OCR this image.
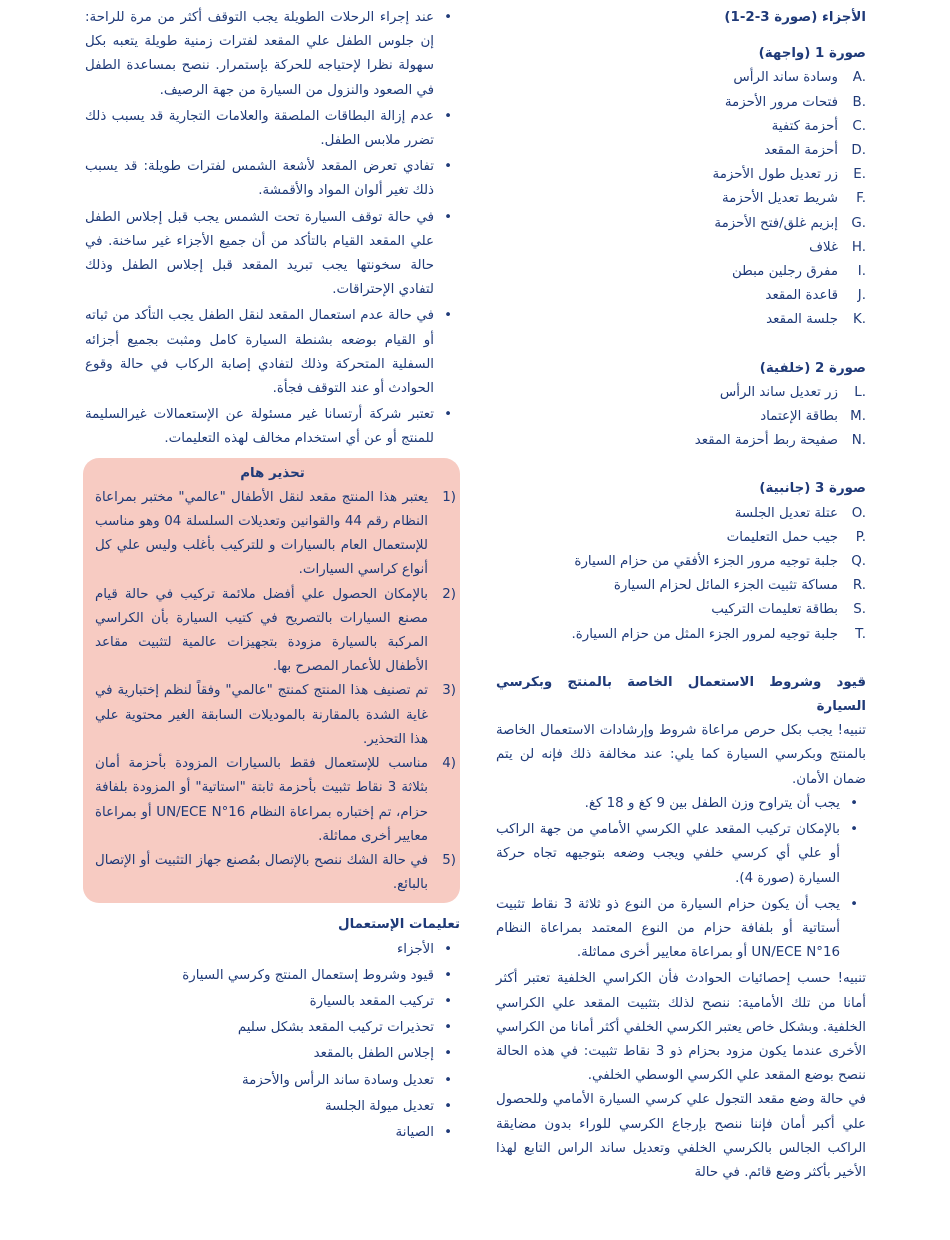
الأجزاء (صورة 3-2-1)

صورة 1 (واجهة)

A .
وسادة ساند الرأس
B .
فتحات مرور الأحزمة
C .
أحزمة كتفية
D .
أحزمة المقعد
E .
زر تعديل طول الأحزمة
F .
شريط تعديل الأحزمة
G .
إبزيم غلق/فتح الأحزمة
H .
غلاف
I .
مفرق رجلين مبطن
J .
قاعدة المقعد
K .
جلسة المقعد

صورة 2 (خلفية)

L .
زر تعديل ساند الرأس
M .
بطاقة الإعتماد
N .
صفيحة ربط أحزمة المقعد

صورة 3 (جانبية)

O .
عتلة تعديل الجلسة
P .
جيب حمل التعليمات
Q .
جلبة توجيه مرور الجزء الأفقي من حزام السيارة
R .
مساكة تثبيت الجزء المائل لحزام السيارة
S .
بطاقة تعليمات التركيب
T .
جلبة توجيه لمرور الجزء المثل من حزام السيارة.

قيود وشروط الاستعمال الخاصة بالمنتج وبكرسي السيارة

تنبيه! يجب بكل حرص مراعاة شروط وإرشادات الاستعمال الخاصة بالمنتج وبكرسي السيارة كما يلي: عند مخالفة ذلك فإنه لن يتم ضمان الأمان.

• يجب أن يتراوح وزن الطفل بين 9 كغ و 18 كغ.
• بالإمكان تركيب المقعد علي الكرسي الأمامي من جهة الراكب أو علي أي كرسي خلفي ويجب وضعه بتوجيهه تجاه حركة السيارة (صورة 4).
• يجب أن يكون حزام السيارة من النوع ذو ثلاثة 3 نقاط تثبيت أستاتية أو بلفافة حزام من النوع المعتمد بمراعاة النظام UN/ECE N°16 أو بمراعاة معايير أخرى مماثلة.

تنبيه! حسب إحصائيات الحوادث فأن الكراسي الخلفية تعتبر أكثر أمانا من تلك الأمامية: ننصح لذلك بتثبيت المقعد علي الكراسي الخلفية. وبشكل خاص يعتبر الكرسي الخلفي أكثر أمانا من الكراسي الأخرى عندما يكون مزود بحزام ذو 3 نقاط تثبيت: في هذه الحالة ننصح بوضع المقعد علي الكرسي الوسطي الخلفي.

في حالة وضع مقعد التجول علي كرسي السيارة الأمامي وللحصول علي أكبر أمان فإننا ننصح بإرجاع الكرسي للوراء بدون مضايقة الراكب الجالس بالكرسي الخلفي وتعديل ساند الراس التابع لهذا الأخير بأكثر وضع قائم. في حالة

• عند إجراء الرحلات الطويلة يجب التوقف أكثر من مرة للراحة: إن جلوس الطفل علي المقعد لفترات زمنية طويلة يتعبه بكل سهولة نظرا لإحتياجه للحركة بإستمرار. ننصح بمساعدة الطفل في الصعود والنزول من السيارة من جهة الرصيف.
• عدم إزالة البطاقات الملصقة والعلامات التجارية قد يسبب ذلك تضرر ملابس الطفل.
• تفادي تعرض المقعد لأشعة الشمس لفترات طويلة: قد يسبب ذلك تغير ألوان المواد والأقمشة.
• في حالة توقف السيارة تحت الشمس يجب قبل إجلاس الطفل علي المقعد القيام بالتأكد من أن جميع الأجزاء غير ساخنة. في حالة سخونتها يجب تبريد المقعد قبل إجلاس الطفل وذلك لتفادي الإحتراقات.
• في حالة عدم استعمال المقعد لنقل الطفل يجب التأكد من ثباته أو القيام بوضعه بشنطة السيارة كامل ومثبت بجميع أجزائه السفلية المتحركة وذلك لتفادي إصابة الركاب في حالة وقوع الحوادث أو عند التوقف فجأة.
• تعتبر شركة أرتسانا غير مسئولة عن الإستعمالات غيرالسليمة للمنتج أو عن أي استخدام مخالف لهذه التعليمات.

تحذير هام

1 )
يعتبر هذا المنتج مقعد لنقل الأطفال "عالمي" مختبر بمراعاة النظام رقم 44 والقوانين وتعديلات السلسلة 04 وهو مناسب للإستعمال العام بالسيارات و للتركيب بأغلب وليس علي كل أنواع كراسي السيارات.
2 )
بالإمكان الحصول علي أفضل ملائمة تركيب في حالة قيام مصنع السيارات بالتصريح في كتيب السيارة بأن الكراسي المركبة بالسيارة مزودة بتجهيزات عالمية لتثبيت مقاعد الأطفال للأعمار المصرح بها.
3 )
تم تصنيف هذا المنتج كمنتج "عالمي" وفقاً لنظم إختبارية في غاية الشدة بالمقارنة بالموديلات السابقة الغير محتوية علي هذا التحذير.
4 )
مناسب للإستعمال فقط بالسيارات المزودة بأحزمة أمان بثلاثة 3 نقاط تثبيت بأحزمة ثابتة "استاتية" أو المزودة بلفافة حزام، تم إختباره بمراعاة النظام UN/ECE N°16 أو بمراعاة معايير أخرى مماثلة.
5 )
في حالة الشك ننصح بالإتصال بمُصنع جهاز التثبيت أو الإتصال بالبائع.

تعليمات الإستعمال

• الأجزاء
• قيود وشروط إستعمال المنتج وكرسي السيارة
• تركيب المقعد بالسيارة
• تحذيرات تركيب المقعد بشكل سليم
• إجلاس الطفل بالمقعد
• تعديل وسادة ساند الرأس والأحزمة
• تعديل ميولة الجلسة
• الصيانة
